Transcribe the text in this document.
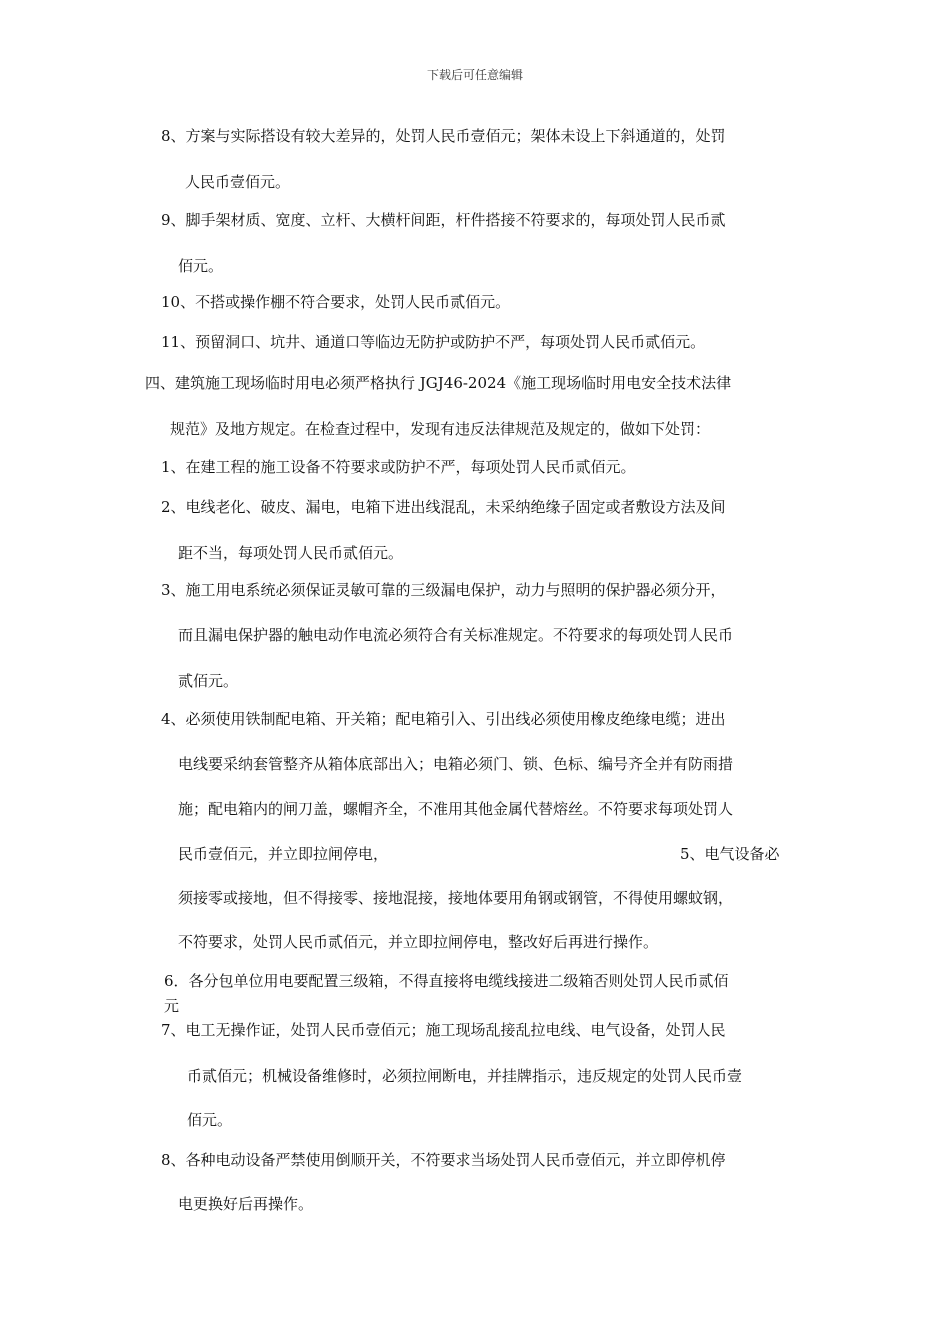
下载后可任意编辑
8、方案与实际搭设有较大差异的，处罚人民币壹佰元；架体未设上下斜通道的，处罚
人民币壹佰元。
9、脚手架材质、宽度、立杆、大横杆间距，杆件搭接不符要求的，每项处罚人民币贰
佰元。
10、不搭或操作棚不符合要求，处罚人民币贰佰元。
11、预留洞口、坑井、通道口等临边无防护或防护不严，每项处罚人民币贰佰元。
四、建筑施工现场临时用电必须严格执行 JGJ46-2024《施工现场临时用电安全技术法律
规范》及地方规定。在检查过程中，发现有违反法律规范及规定的，做如下处罚：
1、在建工程的施工设备不符要求或防护不严，每项处罚人民币贰佰元。
2、电线老化、破皮、漏电，电箱下进出线混乱，未采纳绝缘子固定或者敷设方法及间
距不当，每项处罚人民币贰佰元。
3、施工用电系统必须保证灵敏可靠的三级漏电保护，动力与照明的保护器必须分开，
而且漏电保护器的触电动作电流必须符合有关标准规定。不符要求的每项处罚人民币
贰佰元。
4、必须使用铁制配电箱、开关箱；配电箱引入、引出线必须使用橡皮绝缘电缆；进出
电线要采纳套管整齐从箱体底部出入；电箱必须门、锁、色标、编号齐全并有防雨措
施；配电箱内的闸刀盖，螺帽齐全，不准用其他金属代替熔丝。不符要求每项处罚人
民币壹佰元，并立即拉闸停电，	5、电气设备必
须接零或接地，但不得接零、接地混接，接地体要用角钢或钢管，不得使用螺蚊钢，
不符要求，处罚人民币贰佰元，并立即拉闸停电，整改好后再进行操作。
6．各分包单位用电要配置三级箱，不得直接将电缆线接进二级箱否则处罚人民币贰佰
元
7、电工无操作证，处罚人民币壹佰元；施工现场乱接乱拉电线、电气设备，处罚人民
币贰佰元；机械设备维修时，必须拉闸断电，并挂牌指示，违反规定的处罚人民币壹
佰元。
8、各种电动设备严禁使用倒顺开关，不符要求当场处罚人民币壹佰元，并立即停机停
电更换好后再操作。
